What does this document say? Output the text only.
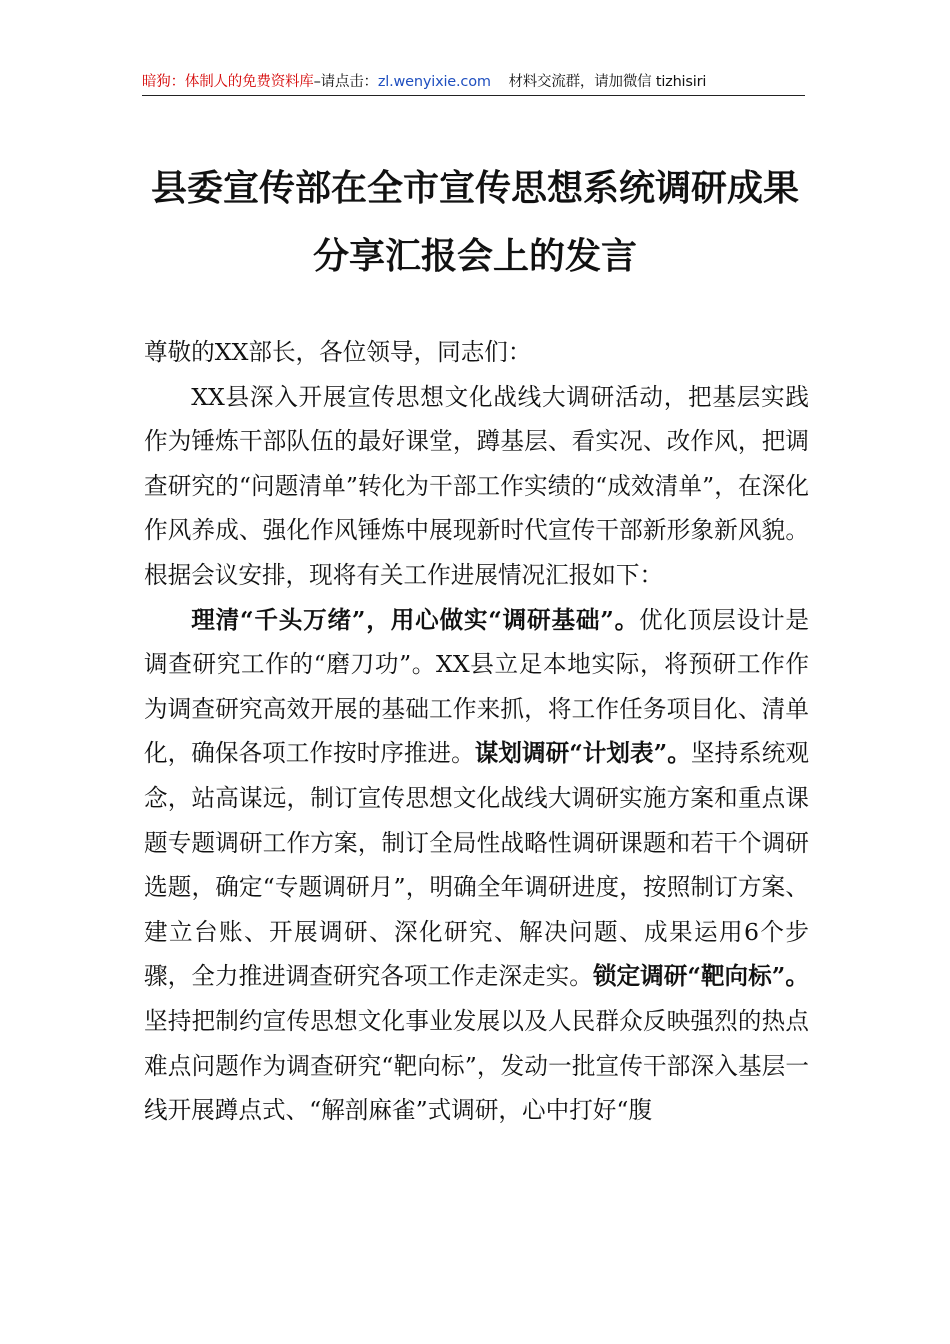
暗狗：体制人的免费资料库–请点击：zl.wenyixie.com 材料交流群，请加微信 tizhisiri
县委宣传部在全市宣传思想系统调研成果
分享汇报会上的发言

尊敬的XX部长，各位领导，同志们：

XX县深入开展宣传思想文化战线大调研活动，把基层实践作为锤炼干部队伍的最好课堂，蹲基层、看实况、改作风，把调查研究的“问题清单”转化为干部工作实绩的“成效清单”，在深化作风养成、强化作风锤炼中展现新时代宣传干部新形象新风貌。根据会议安排，现将有关工作进展情况汇报如下：

理清“千头万绪”，用心做实“调研基础”。优化顶层设计是调查研究工作的“磨刀功”。XX县立足本地实际，将预研工作作为调查研究高效开展的基础工作来抓，将工作任务项目化、清单化，确保各项工作按时序推进。谋划调研“计划表”。坚持系统观念，站高谋远，制订宣传思想文化战线大调研实施方案和重点课题专题调研工作方案，制订全局性战略性调研课题和若干个调研选题，确定“专题调研月”，明确全年调研进度，按照制订方案、建立台账、开展调研、深化研究、解决问题、成果运用6个步骤，全力推进调查研究各项工作走深走实。锁定调研“靶向标”。坚持把制约宣传思想文化事业发展以及人民群众反映强烈的热点难点问题作为调查研究“靶向标”，发动一批宣传干部深入基层一线开展蹲点式、“解剖麻雀”式调研，心中打好“腹
